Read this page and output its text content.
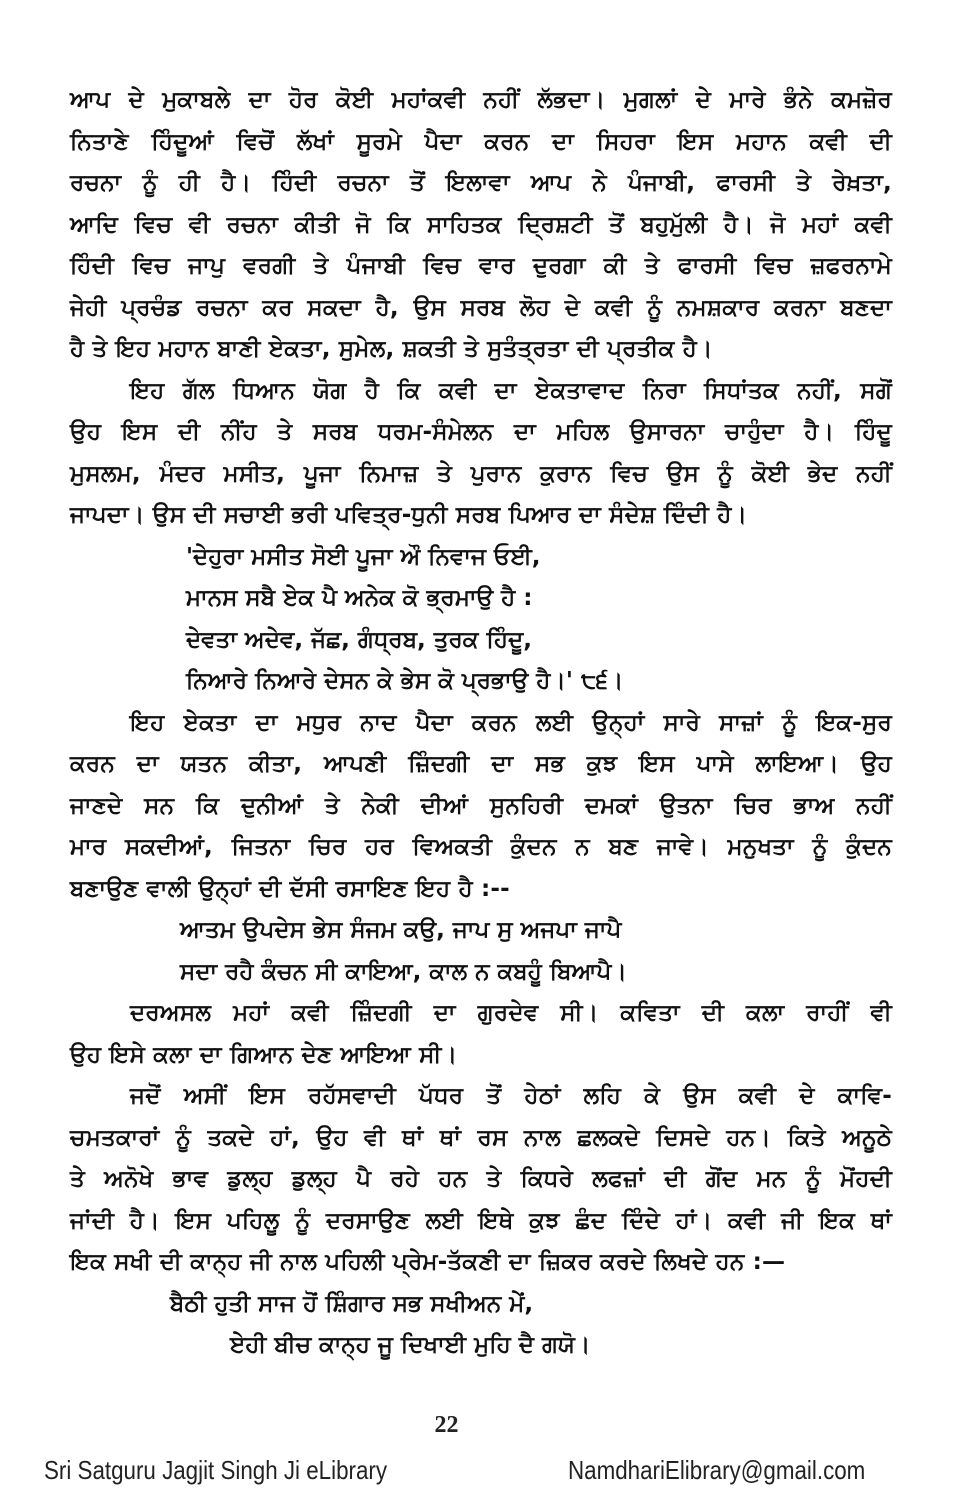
ਆਪ ਦੇ ਮੁਕਾਬਲੇ ਦਾ ਹੋਰ ਕੋਈ ਮਹਾਂਕਵੀ ਨਹੀਂ ਲੱਭਦਾ। ਮੁਗਲਾਂ ਦੇ ਮਾਰੇ ਭੰਨੇ ਕਮਜ਼ੋਰ
ਨਿਤਾਣੇ ਹਿੰਦੂਆਂ ਵਿਚੋਂ ਲੱਖਾਂ ਸੂਰਮੇ ਪੈਦਾ ਕਰਨ ਦਾ ਸਿਹਰਾ ਇਸ ਮਹਾਨ ਕਵੀ ਦੀ
ਰਚਨਾ ਨੂੰ ਹੀ ਹੈ। ਹਿੰਦੀ ਰਚਨਾ ਤੋਂ ਇਲਾਵਾ ਆਪ ਨੇ ਪੰਜਾਬੀ, ਫਾਰਸੀ ਤੇ ਰੇਖ਼ਤਾ,
ਆਦਿ ਵਿਚ ਵੀ ਰਚਨਾ ਕੀਤੀ ਜੋ ਕਿ ਸਾਹਿਤਕ ਦ੍ਰਿਸ਼ਟੀ ਤੋਂ ਬਹੁਮੁੱਲੀ ਹੈ। ਜੋ ਮਹਾਂ ਕਵੀ
ਹਿੰਦੀ ਵਿਚ ਜਾਪੁ ਵਰਗੀ ਤੇ ਪੰਜਾਬੀ ਵਿਚ ਵਾਰ ਦੁਰਗਾ ਕੀ ਤੇ ਫਾਰਸੀ ਵਿਚ ਜ਼ਫਰਨਾਮੇ
ਜੇਹੀ ਪ੍ਰਚੰਡ ਰਚਨਾ ਕਰ ਸਕਦਾ ਹੈ, ਉਸ ਸਰਬ ਲੋਹ ਦੇ ਕਵੀ ਨੂੰ ਨਮਸ਼ਕਾਰ ਕਰਨਾ ਬਣਦਾ
ਹੈ ਤੇ ਇਹ ਮਹਾਨ ਬਾਣੀ ਏਕਤਾ, ਸੁਮੇਲ, ਸ਼ਕਤੀ ਤੇ ਸੁਤੰਤ੍ਰਤਾ ਦੀ ਪ੍ਰਤੀਕ ਹੈ।
ਇਹ ਗੱਲ ਧਿਆਨ ਯੋਗ ਹੈ ਕਿ ਕਵੀ ਦਾ ਏਕਤਾਵਾਦ ਨਿਰਾ ਸਿਧਾਂਤਕ ਨਹੀਂ, ਸਗੋਂ
ਉਹ ਇਸ ਦੀ ਨੀਂਹ ਤੇ ਸਰਬ ਧਰਮ-ਸੰਮੇਲਨ ਦਾ ਮਹਿਲ ਉਸਾਰਨਾ ਚਾਹੁੰਦਾ ਹੈ। ਹਿੰਦੂ
ਮੁਸਲਮ, ਮੰਦਰ ਮਸੀਤ, ਪੂਜਾ ਨਿਮਾਜ਼ ਤੇ ਪੁਰਾਨ ਕੁਰਾਨ ਵਿਚ ਉਸ ਨੂੰ ਕੋਈ ਭੇਦ ਨਹੀਂ
ਜਾਪਦਾ। ਉਸ ਦੀ ਸਚਾਈ ਭਰੀ ਪਵਿਤ੍ਰ-ਧੁਨੀ ਸਰਬ ਪਿਆਰ ਦਾ ਸੰਦੇਸ਼ ਦਿੰਦੀ ਹੈ।
'ਦੇਹੁਰਾ ਮਸੀਤ ਸੋਈ ਪੂਜਾ ਔ ਨਿਵਾਜ ਓਈ,
ਮਾਨਸ ਸਬੈ ਏਕ ਪੈ ਅਨੇਕ ਕੋ ਭ੍ਰਮਾਉ ਹੈ :
ਦੇਵਤਾ ਅਦੇਵ, ਜੱਛ, ਗੰਧ੍ਰਬ, ਤੁਰਕ ਹਿੰਦੂ,
ਨਿਆਰੇ ਨਿਆਰੇ ਦੇਸਨ ਕੇ ਭੇਸ ਕੋ ਪ੍ਰਭਾਉ ਹੈ।' ੮੬।
ਇਹ ਏਕਤਾ ਦਾ ਮਧੁਰ ਨਾਦ ਪੈਦਾ ਕਰਨ ਲਈ ਉਨ੍ਹਾਂ ਸਾਰੇ ਸਾਜ਼ਾਂ ਨੂੰ ਇਕ-ਸੁਰ
ਕਰਨ ਦਾ ਯਤਨ ਕੀਤਾ, ਆਪਣੀ ਜ਼ਿੰਦਗੀ ਦਾ ਸਭ ਕੁਝ ਇਸ ਪਾਸੇ ਲਾਇਆ। ਉਹ
ਜਾਣਦੇ ਸਨ ਕਿ ਦੁਨੀਆਂ ਤੇ ਨੇਕੀ ਦੀਆਂ ਸੁਨਹਿਰੀ ਦਮਕਾਂ ਉਤਨਾ ਚਿਰ ਭਾਅ ਨਹੀਂ
ਮਾਰ ਸਕਦੀਆਂ, ਜਿਤਨਾ ਚਿਰ ਹਰ ਵਿਅਕਤੀ ਕੁੰਦਨ ਨ ਬਣ ਜਾਵੇ। ਮਨੁਖਤਾ ਨੂੰ ਕੁੰਦਨ
ਬਣਾਉਣ ਵਾਲੀ ਉਨ੍ਹਾਂ ਦੀ ਦੱਸੀ ਰਸਾਇਣ ਇਹ ਹੈ :--
ਆਤਮ ਉਪਦੇਸ ਭੇਸ ਸੰਜਮ ਕਉ, ਜਾਪ ਸੁ ਅਜਪਾ ਜਾਪੈ
ਸਦਾ ਰਹੈ ਕੰਚਨ ਸੀ ਕਾਇਆ, ਕਾਲ ਨ ਕਬਹੂੰ ਬਿਆਪੈ।
ਦਰਅਸਲ ਮਹਾਂ ਕਵੀ ਜ਼ਿੰਦਗੀ ਦਾ ਗੁਰਦੇਵ ਸੀ। ਕਵਿਤਾ ਦੀ ਕਲਾ ਰਾਹੀਂ ਵੀ
ਉਹ ਇਸੇ ਕਲਾ ਦਾ ਗਿਆਨ ਦੇਣ ਆਇਆ ਸੀ।
ਜਦੋਂ ਅਸੀਂ ਇਸ ਰਹੱਸਵਾਦੀ ਪੱਧਰ ਤੋਂ ਹੇਠਾਂ ਲਹਿ ਕੇ ਉਸ ਕਵੀ ਦੇ ਕਾਵਿ-
ਚਮਤਕਾਰਾਂ ਨੂੰ ਤਕਦੇ ਹਾਂ, ਉਹ ਵੀ ਥਾਂ ਥਾਂ ਰਸ ਨਾਲ ਛਲਕਦੇ ਦਿਸਦੇ ਹਨ। ਕਿਤੇ ਅਨੂਠੇ
ਤੇ ਅਨੋਖੇ ਭਾਵ ਡੁਲ੍ਹ ਡੁਲ੍ਹ ਪੈ ਰਹੇ ਹਨ ਤੇ ਕਿਧਰੇ ਲਫਜ਼ਾਂ ਦੀ ਗੋਂਦ ਮਨ ਨੂੰ ਮੋਂਹਦੀ
ਜਾਂਦੀ ਹੈ। ਇਸ ਪਹਿਲੂ ਨੂੰ ਦਰਸਾਉਣ ਲਈ ਇਥੇ ਕੁਝ ਛੰਦ ਦਿੰਦੇ ਹਾਂ। ਕਵੀ ਜੀ ਇਕ ਥਾਂ
ਇਕ ਸਖੀ ਦੀ ਕਾਨ੍ਹ ਜੀ ਨਾਲ ਪਹਿਲੀ ਪ੍ਰੇਮ-ਤੱਕਣੀ ਦਾ ਜ਼ਿਕਰ ਕਰਦੇ ਲਿਖਦੇ ਹਨ :—
ਬੈਠੀ ਹੁਤੀ ਸਾਜ ਹੋਂ ਸ਼ਿੰਗਾਰ ਸਭ ਸਖੀਅਨ ਮੇਂ,
ਏਹੀ ਬੀਚ ਕਾਨ੍ਹ ਜੂ ਦਿਖਾਈ ਮੁਹਿ ਦੈ ਗਯੋ।
22
Sri Satguru Jagjit Singh Ji eLibrary	NamdhariElibrary@gmail.com
